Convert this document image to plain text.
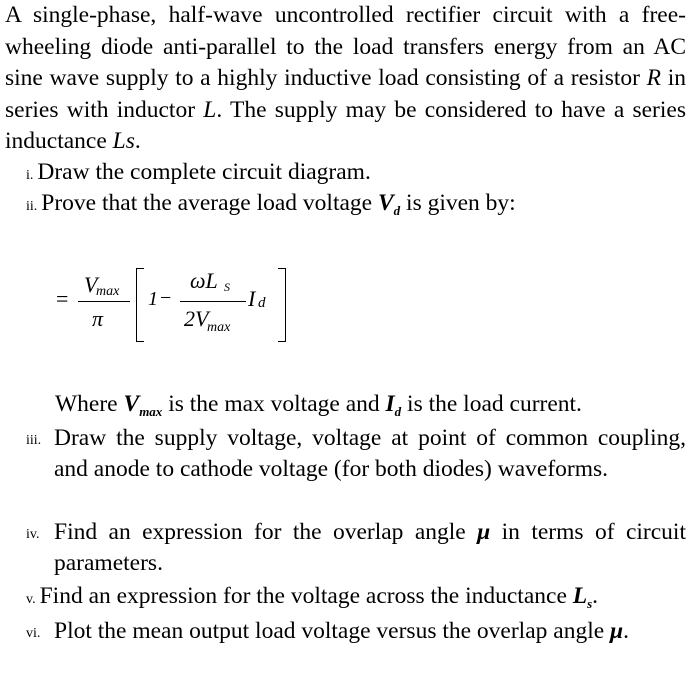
A single-phase, half-wave uncontrolled rectifier circuit with a free-wheeling diode anti-parallel to the load transfers energy from an AC sine wave supply to a highly inductive load consisting of a resistor R in series with inductor L. The supply may be considered to have a series inductance Ls.
i. Draw the complete circuit diagram.
ii. Prove that the average load voltage $V_d$ is given by:
=
V
max
π
1 −
ωL S
2V
max
I d
Where $V_{max}$ is the max voltage and $I_d$ is the load current.
iii. Draw the supply voltage, voltage at point of common coupling, and anode to cathode voltage (for both diodes) waveforms.
iv. Find an expression for the overlap angle μ in terms of circuit parameters.
v. Find an expression for the voltage across the inductance $L_s$.
vi. Plot the mean output load voltage versus the overlap angle μ.
